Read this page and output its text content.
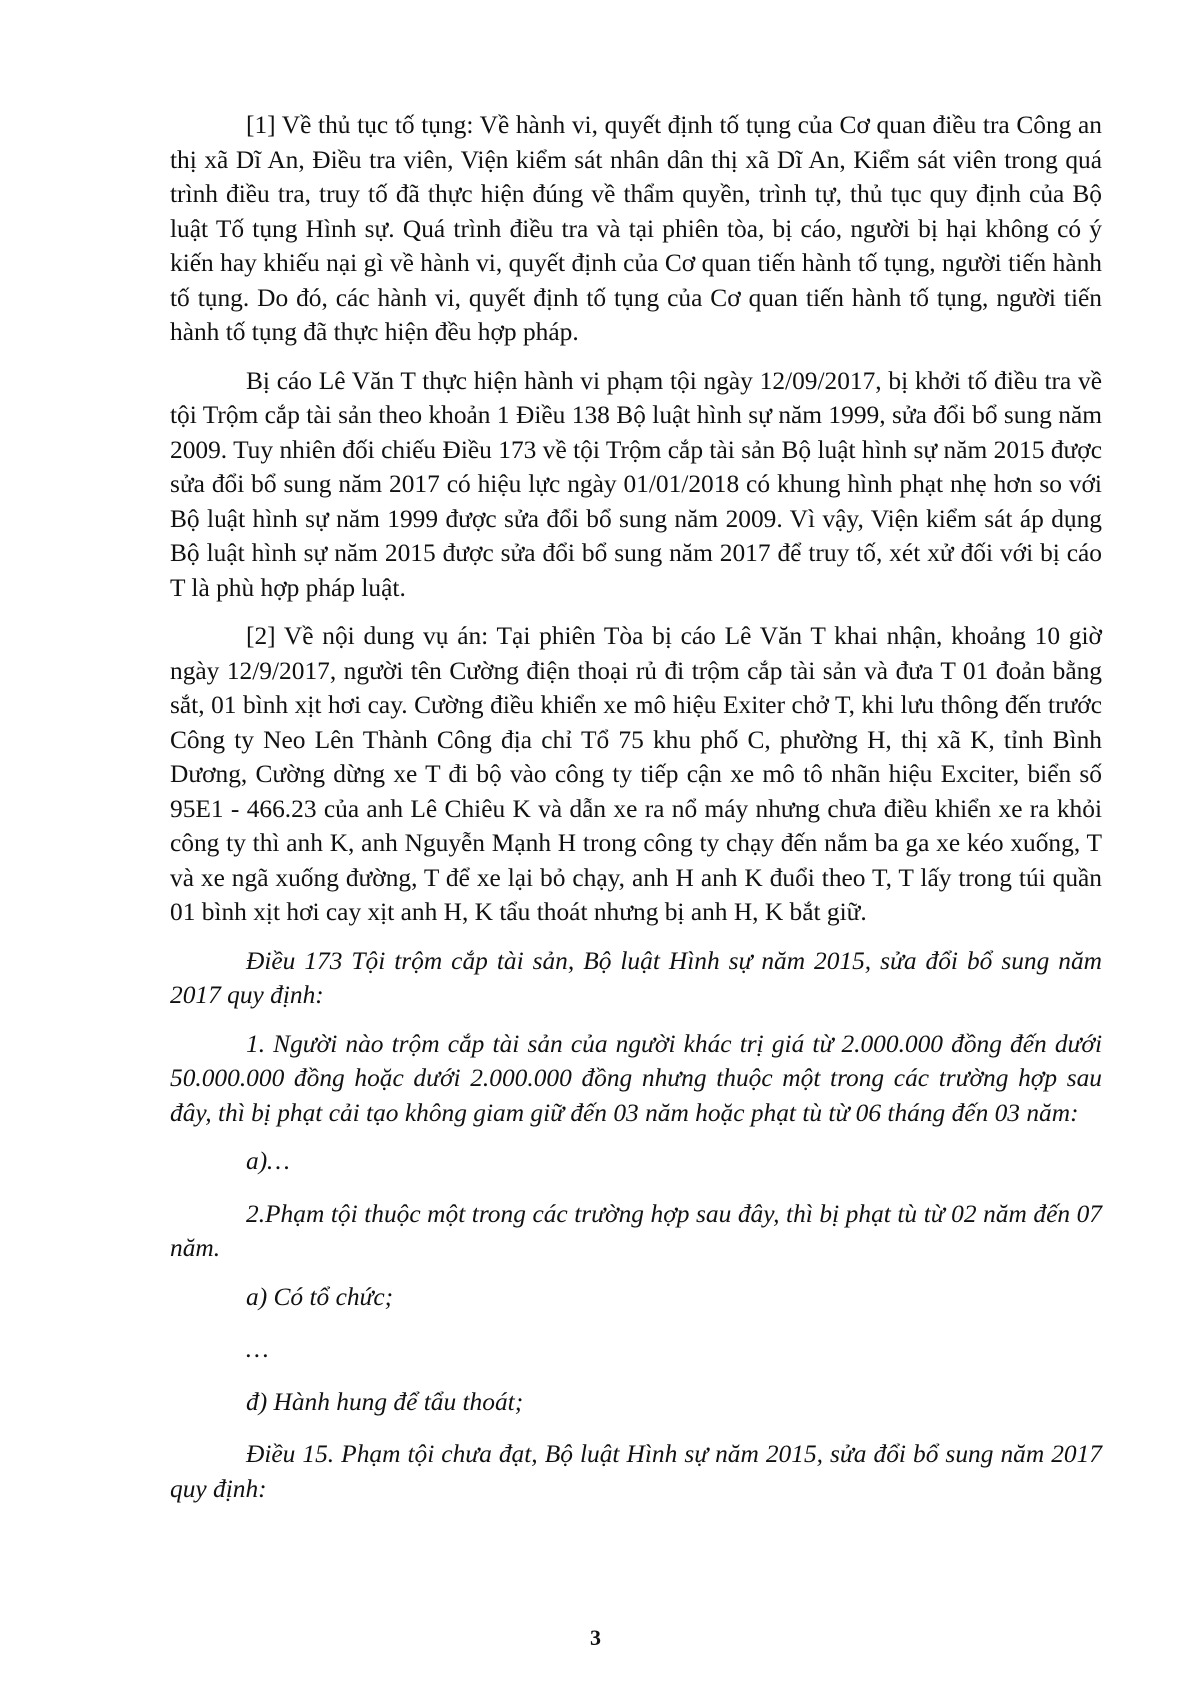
[1] Về thủ tục tố tụng: Về hành vi, quyết định tố tụng của Cơ quan điều tra Công an thị xã Dĩ An, Điều tra viên, Viện kiểm sát nhân dân thị xã Dĩ An, Kiểm sát viên trong quá trình điều tra, truy tố đã thực hiện đúng về thẩm quyền, trình tự, thủ tục quy định của Bộ luật Tố tụng Hình sự. Quá trình điều tra và tại phiên tòa, bị cáo, người bị hại không có ý kiến hay khiếu nại gì về hành vi, quyết định của Cơ quan tiến hành tố tụng, người tiến hành tố tụng. Do đó, các hành vi, quyết định tố tụng của Cơ quan tiến hành tố tụng, người tiến hành tố tụng đã thực hiện đều hợp pháp.

Bị cáo Lê Văn T thực hiện hành vi phạm tội ngày 12/09/2017, bị khởi tố điều tra về tội Trộm cắp tài sản theo khoản 1 Điều 138 Bộ luật hình sự năm 1999, sửa đổi bổ sung năm 2009. Tuy nhiên đối chiếu Điều 173 về tội Trộm cắp tài sản Bộ luật hình sự năm 2015 được sửa đổi bổ sung năm 2017 có hiệu lực ngày 01/01/2018 có khung hình phạt nhẹ hơn so với Bộ luật hình sự năm 1999 được sửa đổi bổ sung năm 2009. Vì vậy, Viện kiểm sát áp dụng Bộ luật hình sự năm 2015 được sửa đổi bổ sung năm 2017 để truy tố, xét xử đối với bị cáo T là phù hợp pháp luật.

[2] Về nội dung vụ án: Tại phiên Tòa bị cáo Lê Văn T khai nhận, khoảng 10 giờ ngày 12/9/2017, người tên Cường điện thoại rủ đi trộm cắp tài sản và đưa T 01 đoản bằng sắt, 01 bình xịt hơi cay. Cường điều khiển xe mô hiệu Exiter chở T, khi lưu thông đến trước Công ty Neo Lên Thành Công địa chỉ Tổ 75 khu phố C, phường H, thị xã K, tỉnh Bình Dương, Cường dừng xe T đi bộ vào công ty tiếp cận xe mô tô nhãn hiệu Exciter, biển số 95E1 - 466.23 của anh Lê Chiêu K và dẫn xe ra nổ máy nhưng chưa điều khiển xe ra khỏi công ty thì anh K, anh Nguyễn Mạnh H trong công ty chạy đến nắm ba ga xe kéo xuống, T và xe ngã xuống đường, T để xe lại bỏ chạy, anh H anh K đuổi theo T, T lấy trong túi quần 01 bình xịt hơi cay xịt anh H, K tẩu thoát nhưng bị anh H, K bắt giữ.

Điều 173 Tội trộm cắp tài sản, Bộ luật Hình sự năm 2015, sửa đổi bổ sung năm 2017 quy định:

1. Người nào trộm cắp tài sản của người khác trị giá từ 2.000.000 đồng đến dưới 50.000.000 đồng hoặc dưới 2.000.000 đồng nhưng thuộc một trong các trường hợp sau đây, thì bị phạt cải tạo không giam giữ đến 03 năm hoặc phạt tù từ 06 tháng đến 03 năm:

a)…

2.Phạm tội thuộc một trong các trường hợp sau đây, thì bị phạt tù từ 02 năm đến 07 năm.

a) Có tổ chức;

…

đ) Hành hung để tẩu thoát;

Điều 15. Phạm tội chưa đạt, Bộ luật Hình sự năm 2015, sửa đổi bổ sung năm 2017 quy định:

3
